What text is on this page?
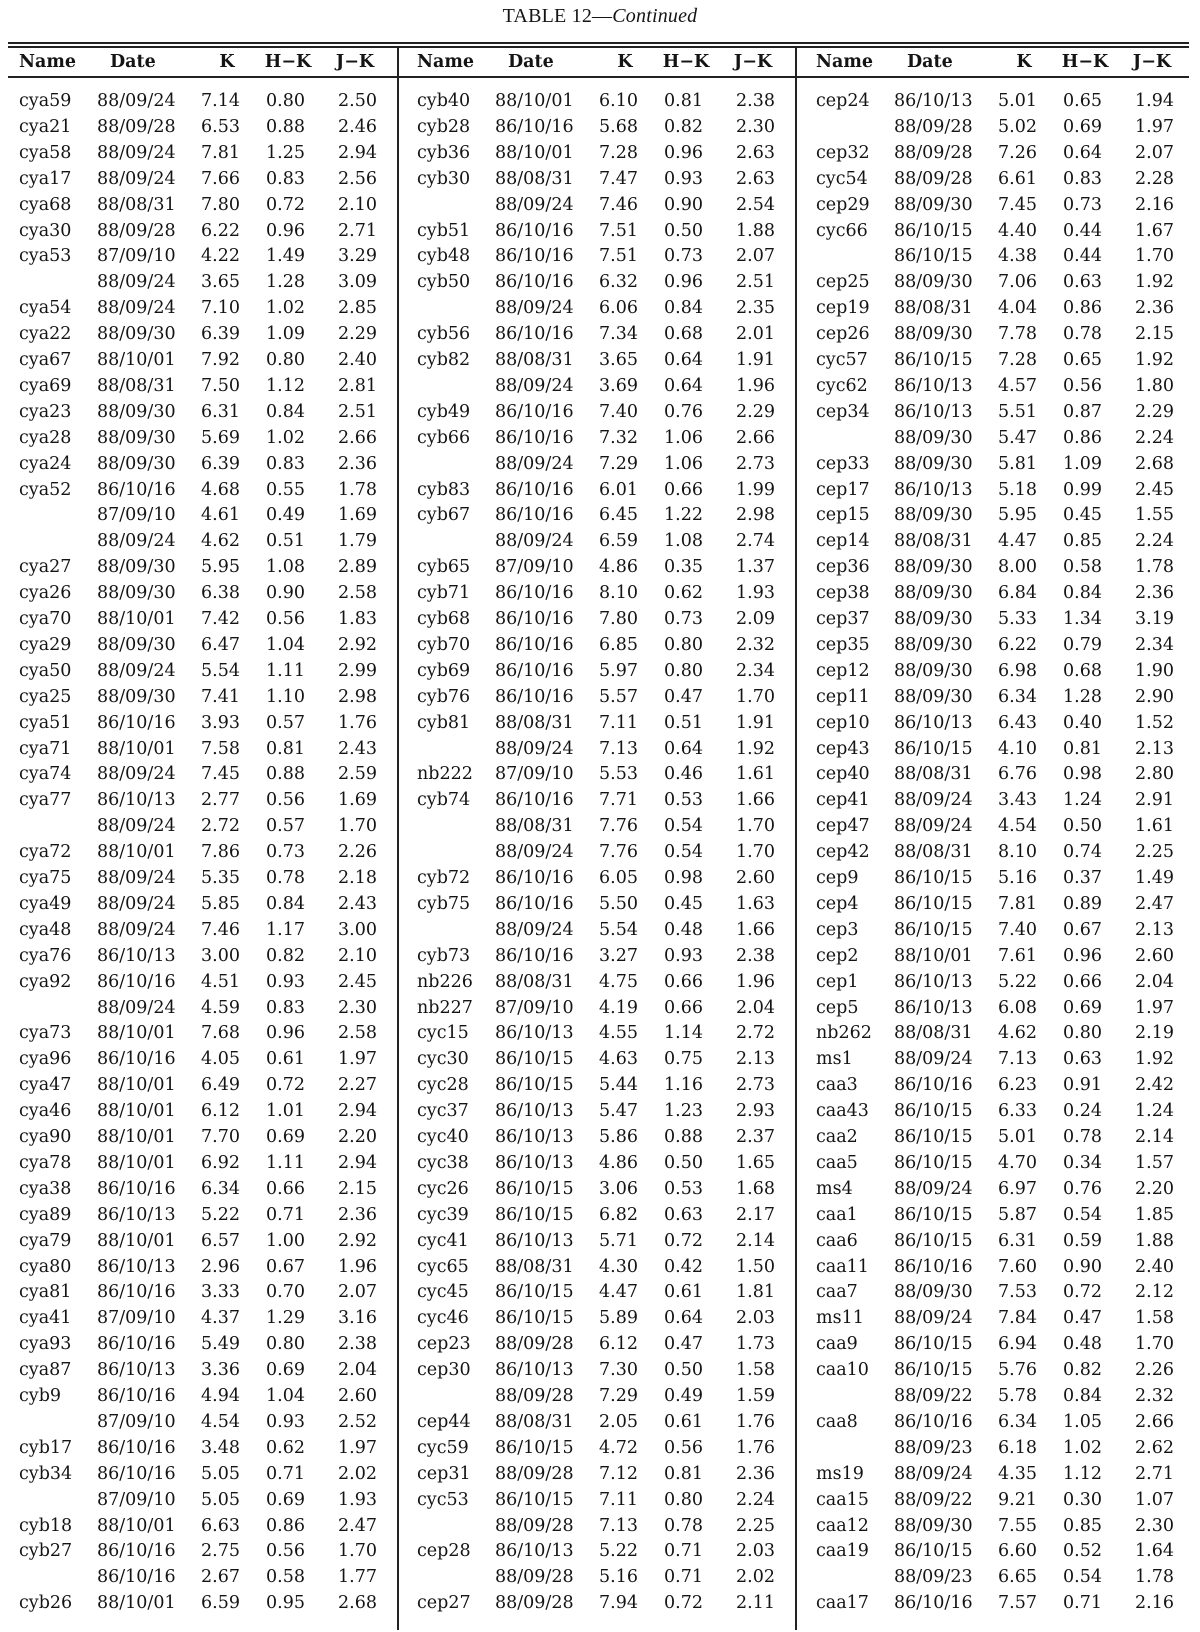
TABLE 12—Continued
Name Date	K	H−K	J−K
cya59	88/09/24	7.14	0.80	2.50
cya21	88/09/28	6.53	0.88	2.46
cya58	88/09/24	7.81	1.25	2.94
cya17	88/09/24	7.66	0.83	2.56
cya68	88/08/31	7.80	0.72	2.10
cya30	88/09/28	6.22	0.96	2.71
cya53	87/09/10	4.22	1.49	3.29
88/09/24	3.65	1.28	3.09
cya54	88/09/24	7.10	1.02	2.85
cya22	88/09/30	6.39	1.09	2.29
cya67	88/10/01	7.92	0.80	2.40
cya69	88/08/31	7.50	1.12	2.81
cya23	88/09/30	6.31	0.84	2.51
cya28	88/09/30	5.69	1.02	2.66
cya24	88/09/30	6.39	0.83	2.36
cya52	86/10/16	4.68	0.55	1.78
87/09/10	4.61	0.49	1.69
88/09/24	4.62	0.51	1.79
cya27	88/09/30	5.95	1.08	2.89
cya26	88/09/30	6.38	0.90	2.58
cya70	88/10/01	7.42	0.56	1.83
cya29	88/09/30	6.47	1.04	2.92
cya50	88/09/24	5.54	1.11	2.99
cya25	88/09/30	7.41	1.10	2.98
cya51	86/10/16	3.93	0.57	1.76
cya71	88/10/01	7.58	0.81	2.43
cya74	88/09/24	7.45	0.88	2.59
cya77	86/10/13	2.77	0.56	1.69
88/09/24	2.72	0.57	1.70
cya72	88/10/01	7.86	0.73	2.26
cya75	88/09/24	5.35	0.78	2.18
cya49	88/09/24	5.85	0.84	2.43
cya48	88/09/24	7.46	1.17	3.00
cya76	86/10/13	3.00	0.82	2.10
cya92	86/10/16	4.51	0.93	2.45
88/09/24	4.59	0.83	2.30
cya73	88/10/01	7.68	0.96	2.58
cya96	86/10/16	4.05	0.61	1.97
cya47	88/10/01	6.49	0.72	2.27
cya46	88/10/01	6.12	1.01	2.94
cya90	88/10/01	7.70	0.69	2.20
cya78	88/10/01	6.92	1.11	2.94
cya38	86/10/16	6.34	0.66	2.15
cya89	86/10/13	5.22	0.71	2.36
cya79	88/10/01	6.57	1.00	2.92
cya80	86/10/13	2.96	0.67	1.96
cya81	86/10/16	3.33	0.70	2.07
cya41	87/09/10	4.37	1.29	3.16
cya93	86/10/16	5.49	0.80	2.38
cya87	86/10/13	3.36	0.69	2.04
cyb9	86/10/16	4.94	1.04	2.60
87/09/10	4.54	0.93	2.52
cyb17	86/10/16	3.48	0.62	1.97
cyb34	86/10/16	5.05	0.71	2.02
87/09/10	5.05	0.69	1.93
cyb18	88/10/01	6.63	0.86	2.47
cyb27	86/10/16	2.75	0.56	1.70
86/10/16	2.67	0.58	1.77
cyb26	88/10/01	6.59	0.95	2.68
Name Date	K	H−K	J−K
cyb40	88/10/01	6.10	0.81	2.38
cyb28	86/10/16	5.68	0.82	2.30
cyb36	88/10/01	7.28	0.96	2.63
cyb30	88/08/31	7.47	0.93	2.63
88/09/24	7.46	0.90	2.54
cyb51	86/10/16	7.51	0.50	1.88
cyb48	86/10/16	7.51	0.73	2.07
cyb50	86/10/16	6.32	0.96	2.51
88/09/24	6.06	0.84	2.35
cyb56	86/10/16	7.34	0.68	2.01
cyb82	88/08/31	3.65	0.64	1.91
88/09/24	3.69	0.64	1.96
cyb49	86/10/16	7.40	0.76	2.29
cyb66	86/10/16	7.32	1.06	2.66
88/09/24	7.29	1.06	2.73
cyb83	86/10/16	6.01	0.66	1.99
cyb67	86/10/16	6.45	1.22	2.98
88/09/24	6.59	1.08	2.74
cyb65	87/09/10	4.86	0.35	1.37
cyb71	86/10/16	8.10	0.62	1.93
cyb68	86/10/16	7.80	0.73	2.09
cyb70	86/10/16	6.85	0.80	2.32
cyb69	86/10/16	5.97	0.80	2.34
cyb76	86/10/16	5.57	0.47	1.70
cyb81	88/08/31	7.11	0.51	1.91
88/09/24	7.13	0.64	1.92
nb222	87/09/10	5.53	0.46	1.61
cyb74	86/10/16	7.71	0.53	1.66
88/08/31	7.76	0.54	1.70
88/09/24	7.76	0.54	1.70
cyb72	86/10/16	6.05	0.98	2.60
cyb75	86/10/16	5.50	0.45	1.63
88/09/24	5.54	0.48	1.66
cyb73	86/10/16	3.27	0.93	2.38
nb226	88/08/31	4.75	0.66	1.96
nb227	87/09/10	4.19	0.66	2.04
cyc15	86/10/13	4.55	1.14	2.72
cyc30	86/10/15	4.63	0.75	2.13
cyc28	86/10/15	5.44	1.16	2.73
cyc37	86/10/13	5.47	1.23	2.93
cyc40	86/10/13	5.86	0.88	2.37
cyc38	86/10/13	4.86	0.50	1.65
cyc26	86/10/15	3.06	0.53	1.68
cyc39	86/10/15	6.82	0.63	2.17
cyc41	86/10/13	5.71	0.72	2.14
cyc65	88/08/31	4.30	0.42	1.50
cyc45	86/10/15	4.47	0.61	1.81
cyc46	86/10/15	5.89	0.64	2.03
cep23	88/09/28	6.12	0.47	1.73
cep30	86/10/13	7.30	0.50	1.58
88/09/28	7.29	0.49	1.59
cep44	88/08/31	2.05	0.61	1.76
cyc59	86/10/15	4.72	0.56	1.76
cep31	88/09/28	7.12	0.81	2.36
cyc53	86/10/15	7.11	0.80	2.24
88/09/28	7.13	0.78	2.25
cep28	86/10/13	5.22	0.71	2.03
88/09/28	5.16	0.71	2.02
cep27	88/09/28	7.94	0.72	2.11
Name Date	K	H−K	J−K
cep24	86/10/13	5.01	0.65	1.94
88/09/28	5.02	0.69	1.97
cep32	88/09/28	7.26	0.64	2.07
cyc54	88/09/28	6.61	0.83	2.28
cep29	88/09/30	7.45	0.73	2.16
cyc66	86/10/15	4.40	0.44	1.67
86/10/15	4.38	0.44	1.70
cep25	88/09/30	7.06	0.63	1.92
cep19	88/08/31	4.04	0.86	2.36
cep26	88/09/30	7.78	0.78	2.15
cyc57	86/10/15	7.28	0.65	1.92
cyc62	86/10/13	4.57	0.56	1.80
cep34	86/10/13	5.51	0.87	2.29
88/09/30	5.47	0.86	2.24
cep33	88/09/30	5.81	1.09	2.68
cep17	86/10/13	5.18	0.99	2.45
cep15	88/09/30	5.95	0.45	1.55
cep14	88/08/31	4.47	0.85	2.24
cep36	88/09/30	8.00	0.58	1.78
cep38	88/09/30	6.84	0.84	2.36
cep37	88/09/30	5.33	1.34	3.19
cep35	88/09/30	6.22	0.79	2.34
cep12	88/09/30	6.98	0.68	1.90
cep11	88/09/30	6.34	1.28	2.90
cep10	86/10/13	6.43	0.40	1.52
cep43	86/10/15	4.10	0.81	2.13
cep40	88/08/31	6.76	0.98	2.80
cep41	88/09/24	3.43	1.24	2.91
cep47	88/09/24	4.54	0.50	1.61
cep42	88/08/31	8.10	0.74	2.25
cep9	86/10/15	5.16	0.37	1.49
cep4	86/10/15	7.81	0.89	2.47
cep3	86/10/15	7.40	0.67	2.13
cep2	88/10/01	7.61	0.96	2.60
cep1	86/10/13	5.22	0.66	2.04
cep5	86/10/13	6.08	0.69	1.97
nb262	88/08/31	4.62	0.80	2.19
ms1	88/09/24	7.13	0.63	1.92
caa3	86/10/16	6.23	0.91	2.42
caa43	86/10/15	6.33	0.24	1.24
caa2	86/10/15	5.01	0.78	2.14
caa5	86/10/15	4.70	0.34	1.57
ms4	88/09/24	6.97	0.76	2.20
caa1	86/10/15	5.87	0.54	1.85
caa6	86/10/15	6.31	0.59	1.88
caa11	86/10/16	7.60	0.90	2.40
caa7	88/09/30	7.53	0.72	2.12
ms11	88/09/24	7.84	0.47	1.58
caa9	86/10/15	6.94	0.48	1.70
caa10	86/10/15	5.76	0.82	2.26
88/09/22	5.78	0.84	2.32
caa8	86/10/16	6.34	1.05	2.66
88/09/23	6.18	1.02	2.62
ms19	88/09/24	4.35	1.12	2.71
caa15	88/09/22	9.21	0.30	1.07
caa12	88/09/30	7.55	0.85	2.30
caa19	86/10/15	6.60	0.52	1.64
88/09/23	6.65	0.54	1.78
caa17	86/10/16	7.57	0.71	2.16
